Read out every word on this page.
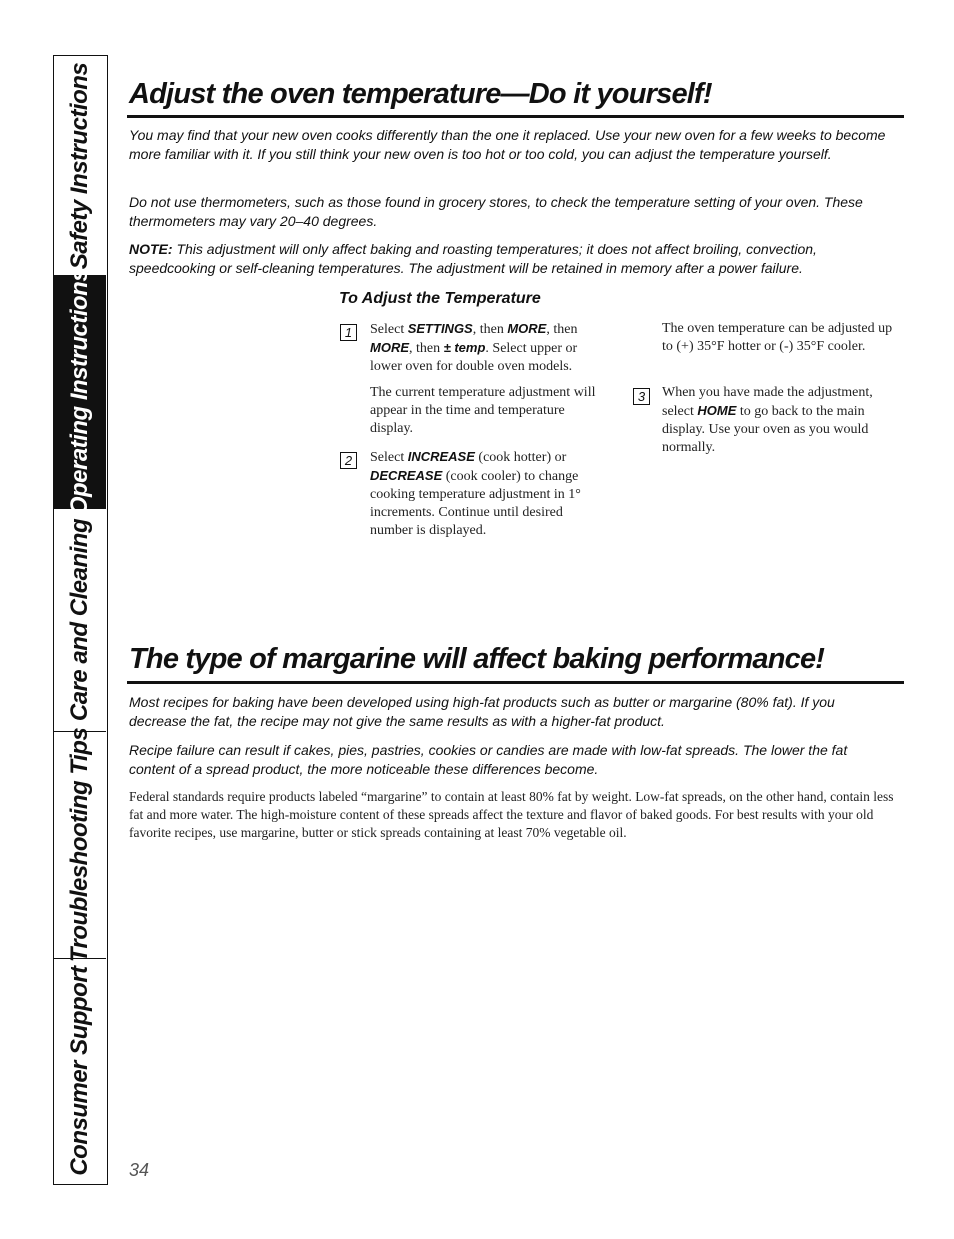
Safety Instructions
Operating Instructions
Care and Cleaning
Troubleshooting Tips
Consumer Support
Adjust the oven temperature—Do it yourself!

You may find that your new oven cooks differently than the one it replaced. Use your new oven for a few weeks to become more familiar with it. If you still think your new oven is too hot or too cold, you can adjust the temperature yourself.

Do not use thermometers, such as those found in grocery stores, to check the temperature setting of your oven. These thermometers may vary 20–40 degrees.

NOTE: This adjustment will only affect baking and roasting temperatures; it does not affect broiling, convection, speedcooking or self-cleaning temperatures. The adjustment will be retained in memory after a power failure.

To Adjust the Temperature
1	Select SETTINGS, then MORE, then MORE, then ± temp. Select upper or lower oven for double oven models.

The current temperature adjustment will appear in the time and temperature display.

2	Select INCREASE (cook hotter) or DECREASE (cook cooler) to change cooking temperature adjustment in 1° increments. Continue until desired number is displayed.

The oven temperature can be adjusted up to (+) 35°F hotter or (-) 35°F cooler.

3	When you have made the adjustment, select HOME to go back to the main display. Use your oven as you would normally.

The type of margarine will affect baking performance!

Most recipes for baking have been developed using high-fat products such as butter or margarine (80% fat). If you decrease the fat, the recipe may not give the same results as with a higher-fat product.

Recipe failure can result if cakes, pies, pastries, cookies or candies are made with low-fat spreads. The lower the fat content of a spread product, the more noticeable these differences become.

Federal standards require products labeled “margarine” to contain at least 80% fat by weight. Low-fat spreads, on the other hand, contain less fat and more water. The high-moisture content of these spreads affect the texture and flavor of baked goods. For best results with your old favorite recipes, use margarine, butter or stick spreads containing at least 70% vegetable oil.

34
